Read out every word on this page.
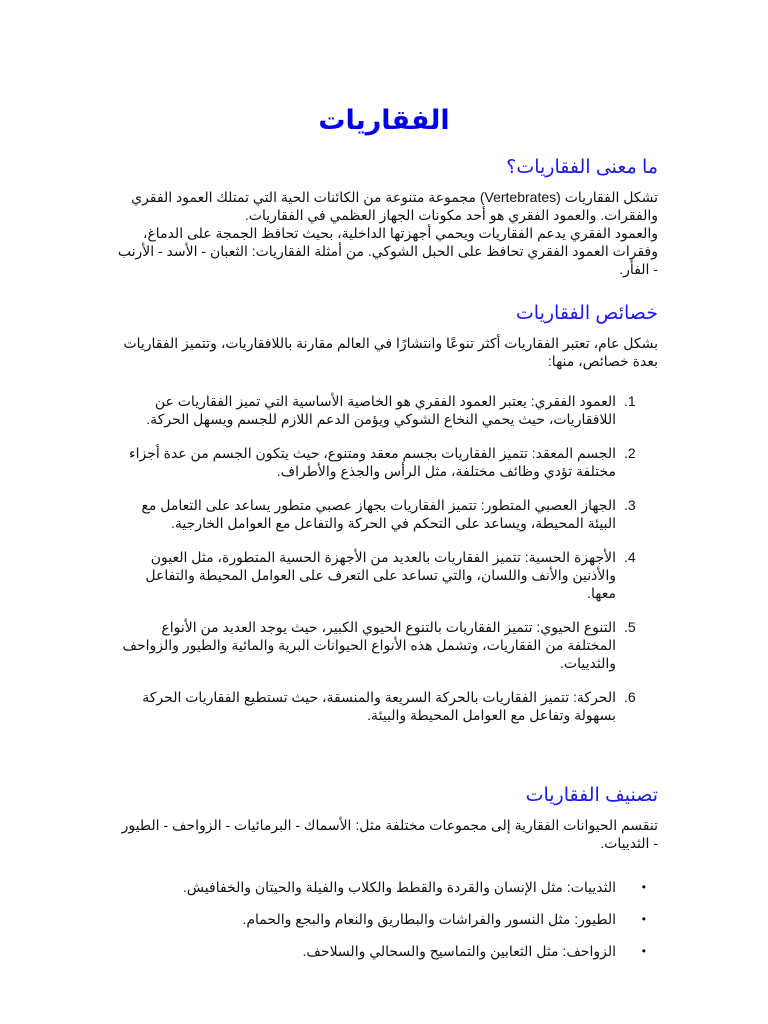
الفقاريات
ما معنى الفقاريات؟

تشكل الفقاريات (Vertebrates) مجموعة متنوعة من الكائنات الحية التي تمتلك العمود الفقري والفقرات. والعمود الفقري هو أحد مكونات الجهاز العظمي في الفقاريات.

والعمود الفقري يدعم الفقاريات ويحمي أجهزتها الداخلية، بحيث تحافظ الجمجة على الدماغ، وفقرات العمود الفقري تحافظ على الحبل الشوكي. من أمثلة الفقاريات: الثعبان - الأسد - الأرنب - الفأر.

خصائص الفقاريات

بشكل عام، تعتبر الفقاريات أكثر تنوعًا وانتشارًا في العالم مقارنة باللافقاريات، وتتميز الفقاريات بعدة خصائص، منها:

1.
العمود الفقري: يعتبر العمود الفقري هو الخاصية الأساسية التي تميز الفقاريات عن اللافقاريات، حيث يحمي النخاع الشوكي ويؤمن الدعم اللازم للجسم ويسهل الحركة.
2.
الجسم المعقد: تتميز الفقاريات بجسم معقد ومتنوع، حيث يتكون الجسم من عدة أجزاء مختلفة تؤدي وظائف مختلفة، مثل الرأس والجذع والأطراف.
3.
الجهاز العصبي المتطور: تتميز الفقاريات بجهاز عصبي متطور يساعد على التعامل مع البيئة المحيطة، ويساعد على التحكم في الحركة والتفاعل مع العوامل الخارجية.
4.
الأجهزة الحسية: تتميز الفقاريات بالعديد من الأجهزة الحسية المتطورة، مثل العيون والأذنين والأنف واللسان، والتي تساعد على التعرف على العوامل المحيطة والتفاعل معها.
5.
التنوع الحيوي: تتميز الفقاريات بالتنوع الحيوي الكبير، حيث يوجد العديد من الأنواع المختلفة من الفقاريات، وتشمل هذه الأنواع الحيوانات البرية والمائية والطيور والزواحف والثدييات.
6.
الحركة: تتميز الفقاريات بالحركة السريعة والمنسقة، حيث تستطيع الفقاريات الحركة بسهولة وتفاعل مع العوامل المحيطة والبيئة.
تصنيف الفقاريات

تنقسم الحيوانات الفقارية إلى مجموعات مختلفة مثل: الأسماك - البرمائيات - الزواحف - الطيور - الثدييات.

•
الثدييات: مثل الإنسان والقردة والقطط والكلاب والفيلة والحيتان والخفافيش.
•
الطيور: مثل النسور والفراشات والبطاريق والنعام والبجع والحمام.
•
الزواحف: مثل الثعابين والتماسيح والسحالي والسلاحف.
